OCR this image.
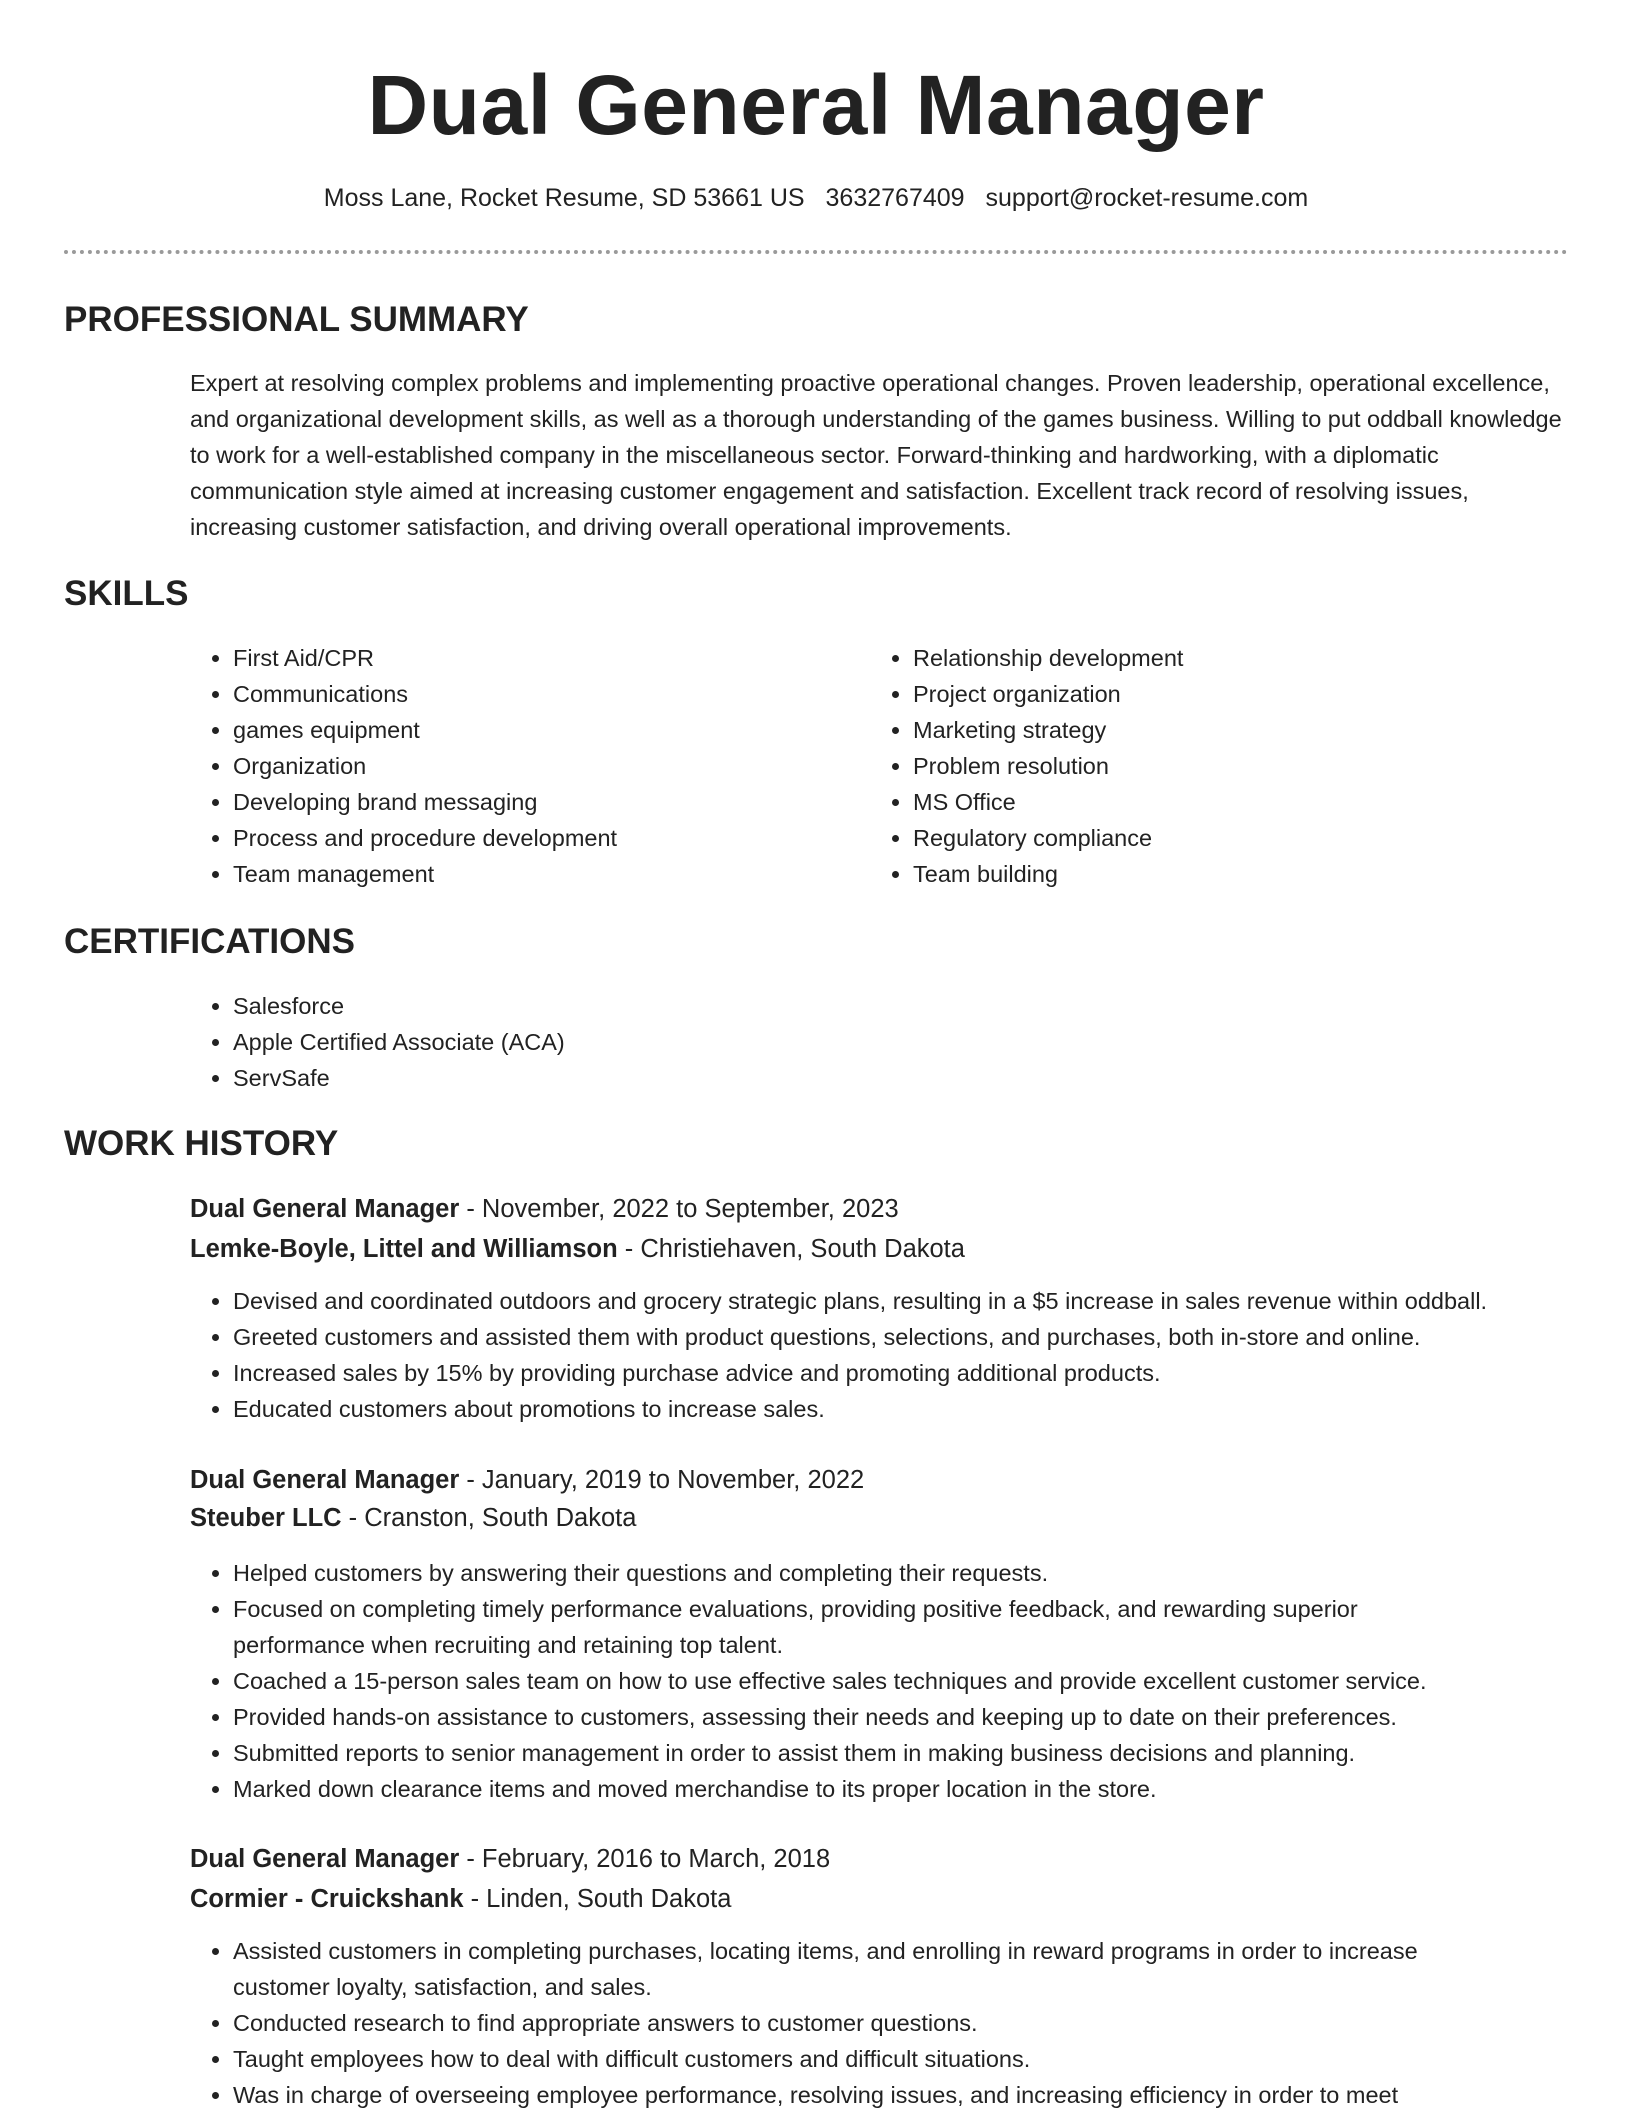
Dual General Manager
Moss Lane, Rocket Resume, SD 53661 US 3632767409 support@rocket-resume.com
PROFESSIONAL SUMMARY

Expert at resolving complex problems and implementing proactive operational changes. Proven leadership, operational excellence, and organizational development skills, as well as a thorough understanding of the games business. Willing to put oddball knowledge to work for a well-established company in the miscellaneous sector. Forward-thinking and hardworking, with a diplomatic communication style aimed at increasing customer engagement and satisfaction. Excellent track record of resolving issues, increasing customer satisfaction, and driving overall operational improvements.

SKILLS
• First Aid/CPR
• Communications
• games equipment
• Organization
• Developing brand messaging
• Process and procedure development
• Team management
• Relationship development
• Project organization
• Marketing strategy
• Problem resolution
• MS Office
• Regulatory compliance
• Team building
CERTIFICATIONS
• Salesforce
• Apple Certified Associate (ACA)
• ServSafe
WORK HISTORY
Dual General Manager - November, 2022 to September, 2023
Lemke-Boyle, Littel and Williamson - Christiehaven, South Dakota
• Devised and coordinated outdoors and grocery strategic plans, resulting in a $5 increase in sales revenue within oddball.
• Greeted customers and assisted them with product questions, selections, and purchases, both in-store and online.
• Increased sales by 15% by providing purchase advice and promoting additional products.
• Educated customers about promotions to increase sales.
Dual General Manager - January, 2019 to November, 2022
Steuber LLC - Cranston, South Dakota
• Helped customers by answering their questions and completing their requests.
• Focused on completing timely performance evaluations, providing positive feedback, and rewarding superior performance when recruiting and retaining top talent.
• Coached a 15-person sales team on how to use effective sales techniques and provide excellent customer service.
• Provided hands-on assistance to customers, assessing their needs and keeping up to date on their preferences.
• Submitted reports to senior management in order to assist them in making business decisions and planning.
• Marked down clearance items and moved merchandise to its proper location in the store.
Dual General Manager - February, 2016 to March, 2018
Cormier - Cruickshank - Linden, South Dakota
• Assisted customers in completing purchases, locating items, and enrolling in reward programs in order to increase customer loyalty, satisfaction, and sales.
• Conducted research to find appropriate answers to customer questions.
• Taught employees how to deal with difficult customers and difficult situations.
• Was in charge of overseeing employee performance, resolving issues, and increasing efficiency in order to meet
